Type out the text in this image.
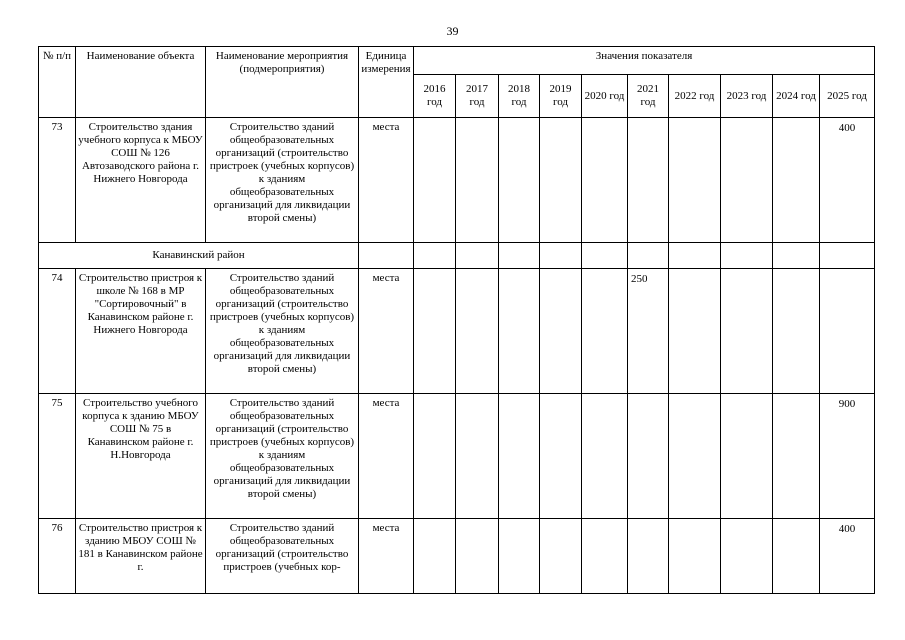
39
№ п/п	Наименование объекта	Наименование мероприятия (подмероприятия)	Единица измерения	Значения показателя									
				2016 год	2017 год	2018 год	2019 год	2020 год	2021 год	2022 год	2023 год	2024 год	2025 год
73	Строительство здания учебного корпуса к МБОУ СОШ № 126 Автозаводского района г. Нижнего Новгорода	Строительство зданий общеобразовательных организаций (строительство пристроек (учебных корпусов) к зданиям общеобразовательных организаций для ликвидации второй смены)	места										400
Канавинский район													
74	Строительство пристроя к школе № 168 в МР "Сортировочный" в Канавинском районе г. Нижнего Новгорода	Строительство зданий общеобразовательных организаций (строительство пристроев (учебных корпусов) к зданиям общеобразовательных организаций для ликвидации второй смены)	места						250				
75	Строительство учебного корпуса к зданию МБОУ СОШ № 75 в Канавинском районе г. Н.Новгорода	Строительство зданий общеобразовательных организаций (строительство пристроев (учебных корпусов) к зданиям общеобразовательных организаций для ликвидации второй смены)	места										900
76	Строительство пристроя к зданию МБОУ СОШ № 181 в Канавинском районе г.	Строительство зданий общеобразовательных организаций (строительство пристроев (учебных кор-	места										400
